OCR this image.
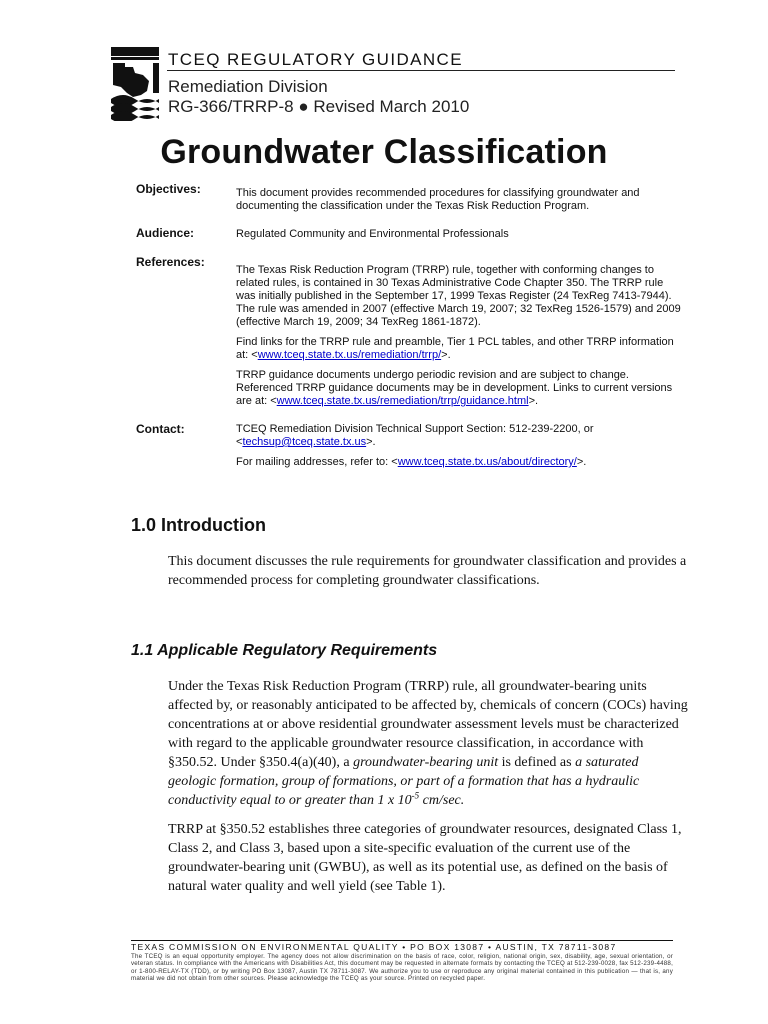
TCEQ REGULATORY GUIDANCE
Remediation Division
RG-366/TRRP-8 ● Revised March 2010
Groundwater Classification
Objectives:	This document provides recommended procedures for classifying groundwater and documenting the classification under the Texas Risk Reduction Program.

Audience:	Regulated Community and Environmental Professionals

References:

The Texas Risk Reduction Program (TRRP) rule, together with conforming changes to related rules, is contained in 30 Texas Administrative Code Chapter 350. The TRRP rule was initially published in the September 17, 1999 Texas Register (24 TexReg 7413-7944). The rule was amended in 2007 (effective March 19, 2007; 32 TexReg 1526-1579) and 2009 (effective March 19, 2009; 34 TexReg 1861-1872).

Find links for the TRRP rule and preamble, Tier 1 PCL tables, and other TRRP information at: <www.tceq.state.tx.us/remediation/trrp/>.

TRRP guidance documents undergo periodic revision and are subject to change. Referenced TRRP guidance documents may be in development. Links to current versions are at: <www.tceq.state.tx.us/remediation/trrp/guidance.html>.

Contact:	TCEQ Remediation Division Technical Support Section: 512-239-2200, or <techsup@tceq.state.tx.us>.

For mailing addresses, refer to: <www.tceq.state.tx.us/about/directory/>.

1.0 Introduction

This document discusses the rule requirements for groundwater classification and provides a recommended process for completing groundwater classifications.

1.1 Applicable Regulatory Requirements

Under the Texas Risk Reduction Program (TRRP) rule, all groundwater-bearing units affected by, or reasonably anticipated to be affected by, chemicals of concern (COCs) having concentrations at or above residential groundwater assessment levels must be characterized with regard to the applicable groundwater resource classification, in accordance with §350.52. Under §350.4(a)(40), a groundwater-bearing unit is defined as a saturated geologic formation, group of formations, or part of a formation that has a hydraulic conductivity equal to or greater than 1 x $10^{-5}$ cm/sec.

TRRP at §350.52 establishes three categories of groundwater resources, designated Class 1, Class 2, and Class 3, based upon a site-specific evaluation of the current use of the groundwater-bearing unit (GWBU), as well as its potential use, as defined on the basis of natural water quality and well yield (see Table 1).

TEXAS COMMISSION ON ENVIRONMENTAL QUALITY • PO BOX 13087 • AUSTIN, TX 78711-3087
The TCEQ is an equal opportunity employer. The agency does not allow discrimination on the basis of race, color, religion, national origin, sex, disability, age, sexual orientation, or veteran status. In compliance with the Americans with Disabilities Act, this document may be requested in alternate formats by contacting the TCEQ at 512-239-0028, fax 512-239-4488, or 1-800-RELAY-TX (TDD), or by writing PO Box 13087, Austin TX 78711-3087. We authorize you to use or reproduce any original material contained in this publication — that is, any material we did not obtain from other sources. Please acknowledge the TCEQ as your source. Printed on recycled paper.
